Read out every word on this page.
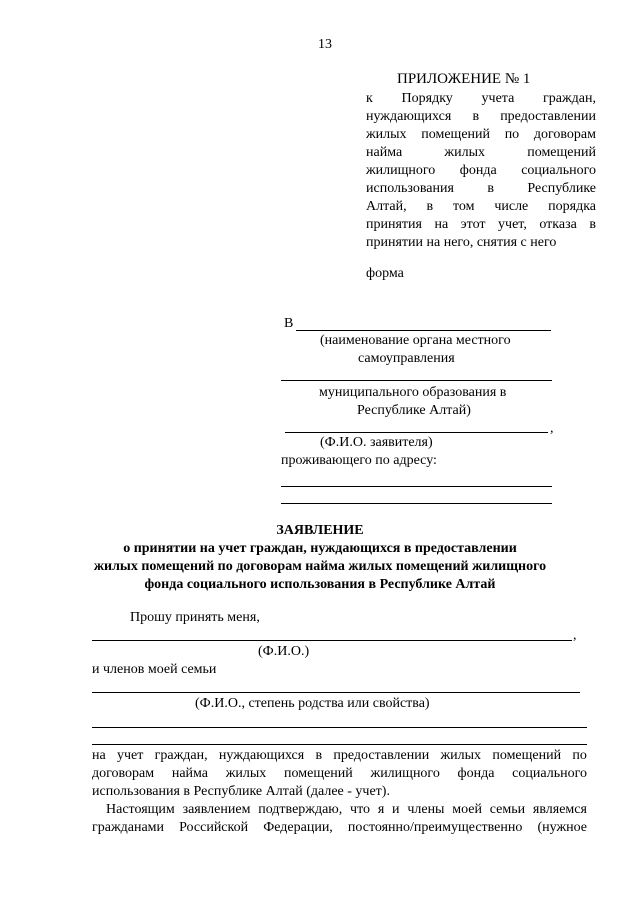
13
ПРИЛОЖЕНИЕ № 1
к Порядку учета граждан,
нуждающихся в предоставлении
жилых помещений по договорам
найма	жилых	помещений
жилищного фонда социального
использования в Республике
Алтай, в том числе порядка
принятия на этот учет, отказа в
принятии на него, снятия с него
форма
В
(наименование органа местного
самоуправления
муниципального образования в
Республике Алтай)
,
(Ф.И.О. заявителя)
проживающего по адресу:
ЗАЯВЛЕНИЕ
о принятии на учет граждан, нуждающихся в предоставлении
жилых помещений по договорам найма жилых помещений жилищного
фонда социального использования в Республике Алтай
Прошу принять меня,
,
(Ф.И.О.)
и членов моей семьи
(Ф.И.О., степень родства или свойства)
на учет граждан, нуждающихся в предоставлении жилых помещений по
договорам найма жилых помещений жилищного фонда социального
использования в Республике Алтай (далее - учет).
Настоящим заявлением подтверждаю, что я и члены моей семьи являемся
гражданами Российской Федерации, постоянно/преимущественно (нужное
